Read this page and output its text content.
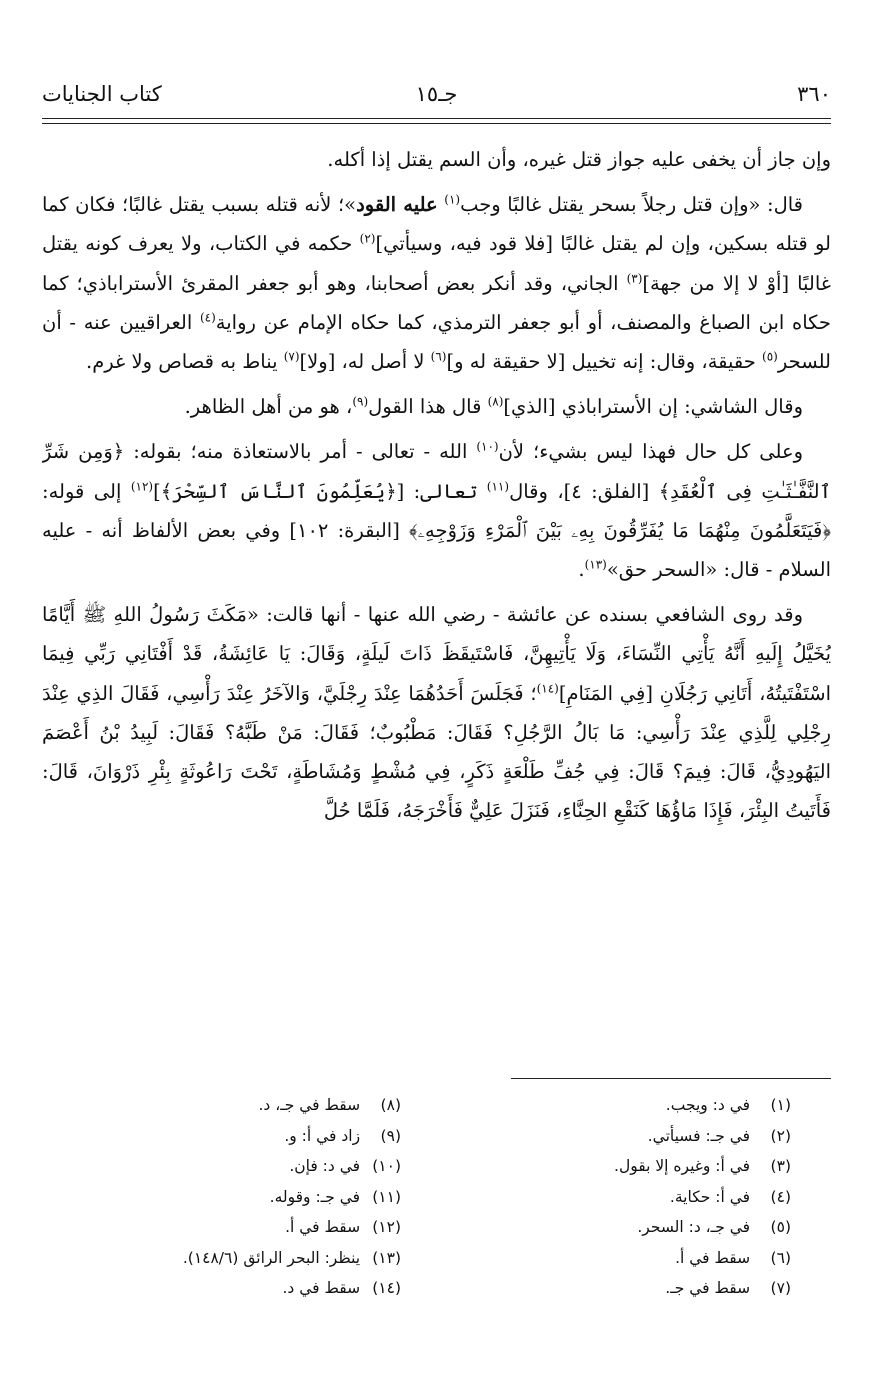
٣٦٠
جـ١٥
كتاب الجنايات

وإن جاز أن يخفى عليه جواز قتل غيره، وأن السم يقتل إذا أكله.

قال: «وإن قتل رجلاً بسحر يقتل غالبًا وجب$^{(١)}$ عليه القود»؛ لأنه قتله بسبب يقتل غالبًا؛ فكان كما لو قتله بسكين، وإن لم يقتل غالبًا [فلا قود فيه، وسيأتي]$^{(٢)}$ حكمه في الكتاب، ولا يعرف كونه يقتل غالبًا [أوْ لا إلا من جهة]$^{(٣)}$ الجاني، وقد أنكر بعض أصحابنا، وهو أبو جعفر المقرئ الأستراباذي؛ كما حكاه ابن الصباغ والمصنف، أو أبو جعفر الترمذي، كما حكاه الإمام عن رواية$^{(٤)}$ العراقيين عنه - أن للسحر$^{(٥)}$ حقيقة، وقال: إنه تخييل [لا حقيقة له و]$^{(٦)}$ لا أصل له، [ولا]$^{(٧)}$ يناط به قصاص ولا غرم.

وقال الشاشي: إن الأستراباذي [الذي]$^{(٨)}$ قال هذا القول$^{(٩)}$، هو من أهل الظاهر.

وعلى كل حال فهذا ليس بشيء؛ لأن$^{(١٠)}$ الله - تعالى - أمر بالاستعاذة منه؛ بقوله: ﴿وَمِن شَرِّ ٱلنَّفَّـٰثَـٰتِ فِى ٱلْعُقَدِ﴾ [الفلق: ٤]، وقال$^{(١١)}$ تعالى: [﴿يُعَلِّمُونَ ٱلنَّاسَ ٱلسِّحْرَ﴾]$^{(١٢)}$ إلى قوله: ﴿فَيَتَعَلَّمُونَ مِنْهُمَا مَا يُفَرِّقُونَ بِهِۦ بَيْنَ ٱلْمَرْءِ وَزَوْجِهِۦ﴾ [البقرة: ١٠٢] وفي بعض الألفاظ أنه - عليه السلام - قال: «السحر حق»$^{(١٣)}$.

وقد روى الشافعي بسنده عن عائشة - رضي الله عنها - أنها قالت: «مَكَثَ رَسُولُ اللهِ ﷺ أَيَّامًا يُخَيَّلُ إِلَيهِ أَنَّهُ يَأْتِي النِّسَاءَ، وَلَا يَأْتِيهِنَّ، فَاسْتَيقَظَ ذَاتَ لَيلَةٍ، وَقَالَ: يَا عَائِشَةُ، قَدْ أَفْتَانِي رَبِّي فِيمَا اسْتَفْتَيتُهُ، أَتَانِي رَجُلَانِ [فِي المَنَامِ]$^{(١٤)}$؛ فَجَلَسَ أَحَدُهُمَا عِنْدَ رِجْلَيَّ، وَالآخَرُ عِنْدَ رَأْسِي، فَقَالَ الذِي عِنْدَ رِجْلِي لِلَّذِي عِنْدَ رَأْسِي: مَا بَالُ الرَّجُلِ؟ فَقَالَ: مَطْبُوبٌ؛ فَقَالَ: مَنْ طَبَّهُ؟ فَقَالَ: لَبِيدُ بْنُ أَعْصَمَ اليَهُودِيُّ، قَالَ: فِيمَ؟ قَالَ: فِي جُفِّ طَلْعَةٍ ذَكَرٍ، فِي مُشْطٍ وَمُشَاطَةٍ، تَحْتَ رَاعُوثَةٍ بِئْرِ ذَرْوَانَ، قَالَ: فَأَتَيتُ البِئْرَ، فَإِذَا مَاؤُهَا كَنَقْعِ الحِنَّاءِ، فَنَزَلَ عَلِيٌّ فَأَخْرَجَهُ، فَلَمَّا حُلَّ

(١) في د: ويجب.
(٢) في جـ: فسيأتي.
(٣) في أ: وغيره إلا بقول.
(٤) في أ: حكاية.
(٥) في جـ، د: السحر.
(٦) سقط في أ.
(٧) سقط في جـ.
(٨) سقط في جـ، د.
(٩) زاد في أ: و.
(١٠) في د: فإن.
(١١) في جـ: وقوله.
(١٢) سقط في أ.
(١٣) ينظر: البحر الرائق (١٤٨/٦).
(١٤) سقط في د.
